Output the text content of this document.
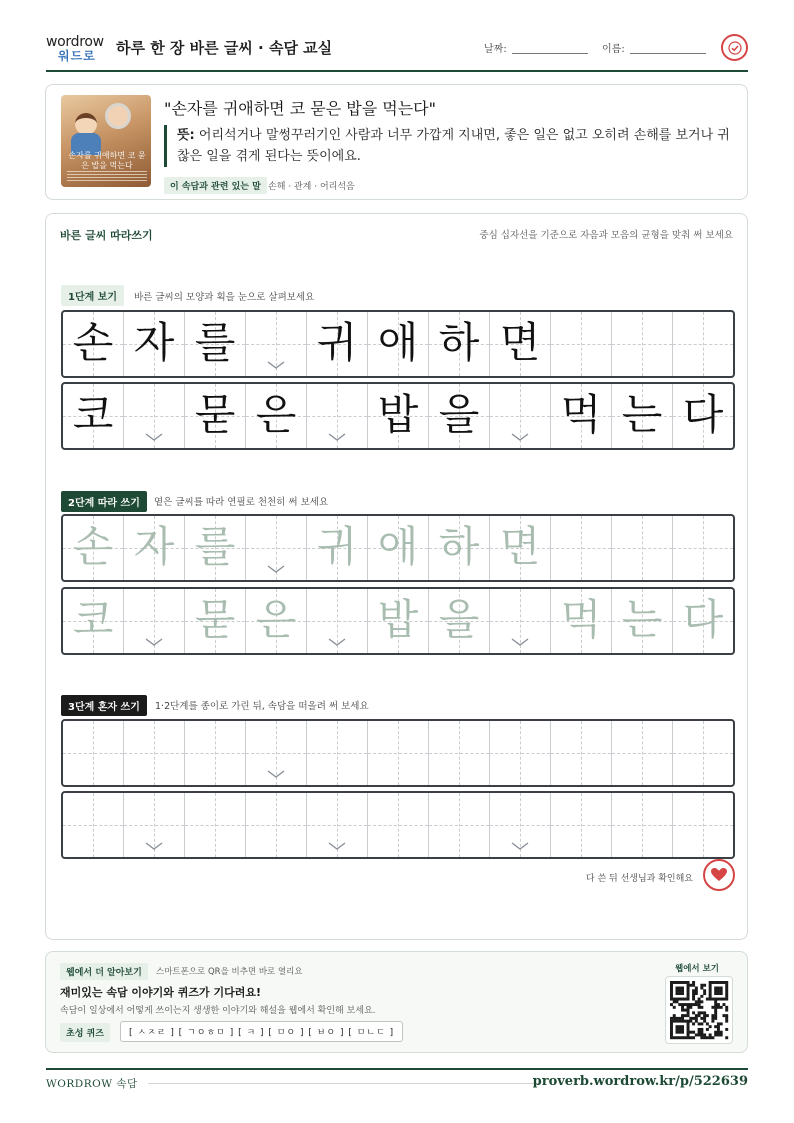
wordrow
워드로 하루 한 장 바른 글씨 · 속담 교실	날짜:	이름:
손자를 귀애하면 코 묻은 밥을 먹는다
"손자를 귀애하면 코 묻은 밥을 먹는다"
뜻: 어리석거나 말썽꾸러기인 사람과 너무 가깝게 지내면, 좋은 일은 없고 오히려 손해를 보거나 귀찮은 일을 겪게 된다는 뜻이에요.
이 속담과 관련 있는 말 손해 · 관계 · 어리석음
바른 글씨 따라쓰기	중심 십자선을 기준으로 자음과 모음의 균형을 맞춰 써 보세요
1단계 보기	바른 글씨의 모양과 획을 눈으로 살펴보세요
손 자 를 귀 애 하 면
코 묻 은 밥 을 먹 는 다
2단계 따라 쓰기	옅은 글씨를 따라 연필로 천천히 써 보세요
손 자 를 귀 애 하 면
코 묻 은 밥 을 먹 는 다
3단계 혼자 쓰기	1·2단계를 종이로 가린 뒤, 속담을 떠올려 써 보세요
다 쓴 뒤 선생님과 확인해요
웹에서 더 알아보기	스마트폰으로 QR을 비추면 바로 열리요
재미있는 속담 이야기와 퀴즈가 기다려요!
속담이 일상에서 어떻게 쓰이는지 생생한 이야기와 해설을 웹에서 확인해 보세요.
초성 퀴즈	[ ㅅㅈㄹ ] [ ㄱㅇㅎㅁ ] [ ㅋ ] [ ㅁㅇ ] [ ㅂㅇ ] [ ㅁㄴㄷ ]
웹에서 보기
WORDROW 속담	proverb.wordrow.kr/p/522639
